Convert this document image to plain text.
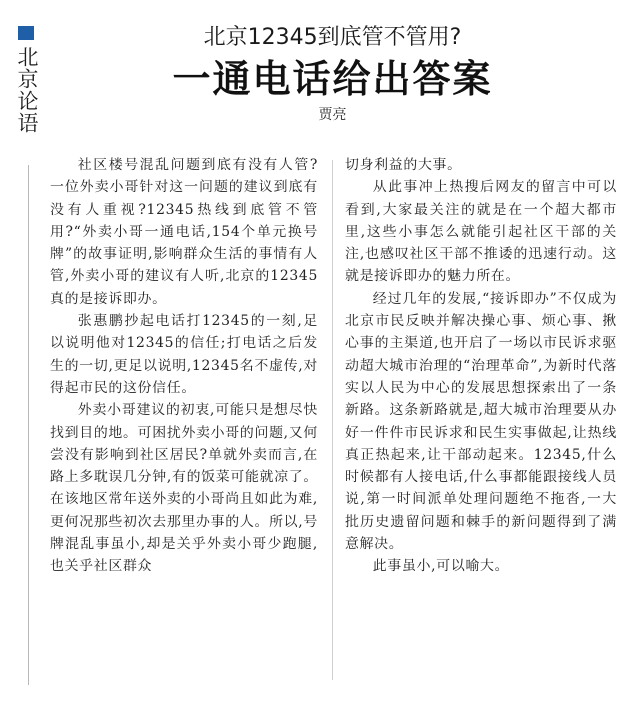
北京论语
北京12345到底管不管用?
一通电话给出答案
贾亮

社区楼号混乱问题到底有没有人管?一位外卖小哥针对这一问题的建议到底有没有人重视?12345热线到底管不管用?“外卖小哥一通电话,154个单元换号牌”的故事证明,影响群众生活的事情有人管,外卖小哥的建议有人听,北京的12345真的是接诉即办。

张惠鹏抄起电话打12345的一刻,足以说明他对12345的信任;打电话之后发生的一切,更足以说明,12345名不虚传,对得起市民的这份信任。

外卖小哥建议的初衷,可能只是想尽快找到目的地。可困扰外卖小哥的问题,又何尝没有影响到社区居民?单就外卖而言,在路上多耽误几分钟,有的饭菜可能就凉了。在该地区常年送外卖的小哥尚且如此为难,更何况那些初次去那里办事的人。所以,号牌混乱事虽小,却是关乎外卖小哥少跑腿,也关乎社区群众

切身利益的大事。

从此事冲上热搜后网友的留言中可以看到,大家最关注的就是在一个超大都市里,这些小事怎么就能引起社区干部的关注,也感叹社区干部不推诿的迅速行动。这就是接诉即办的魅力所在。

经过几年的发展,“接诉即办”不仅成为北京市民反映并解决操心事、烦心事、揪心事的主渠道,也开启了一场以市民诉求驱动超大城市治理的“治理革命”,为新时代落实以人民为中心的发展思想探索出了一条新路。这条新路就是,超大城市治理要从办好一件件市民诉求和民生实事做起,让热线真正热起来,让干部动起来。12345,什么时候都有人接电话,什么事都能跟接线人员说,第一时间派单处理问题绝不拖沓,一大批历史遗留问题和棘手的新问题得到了满意解决。

此事虽小,可以喻大。
